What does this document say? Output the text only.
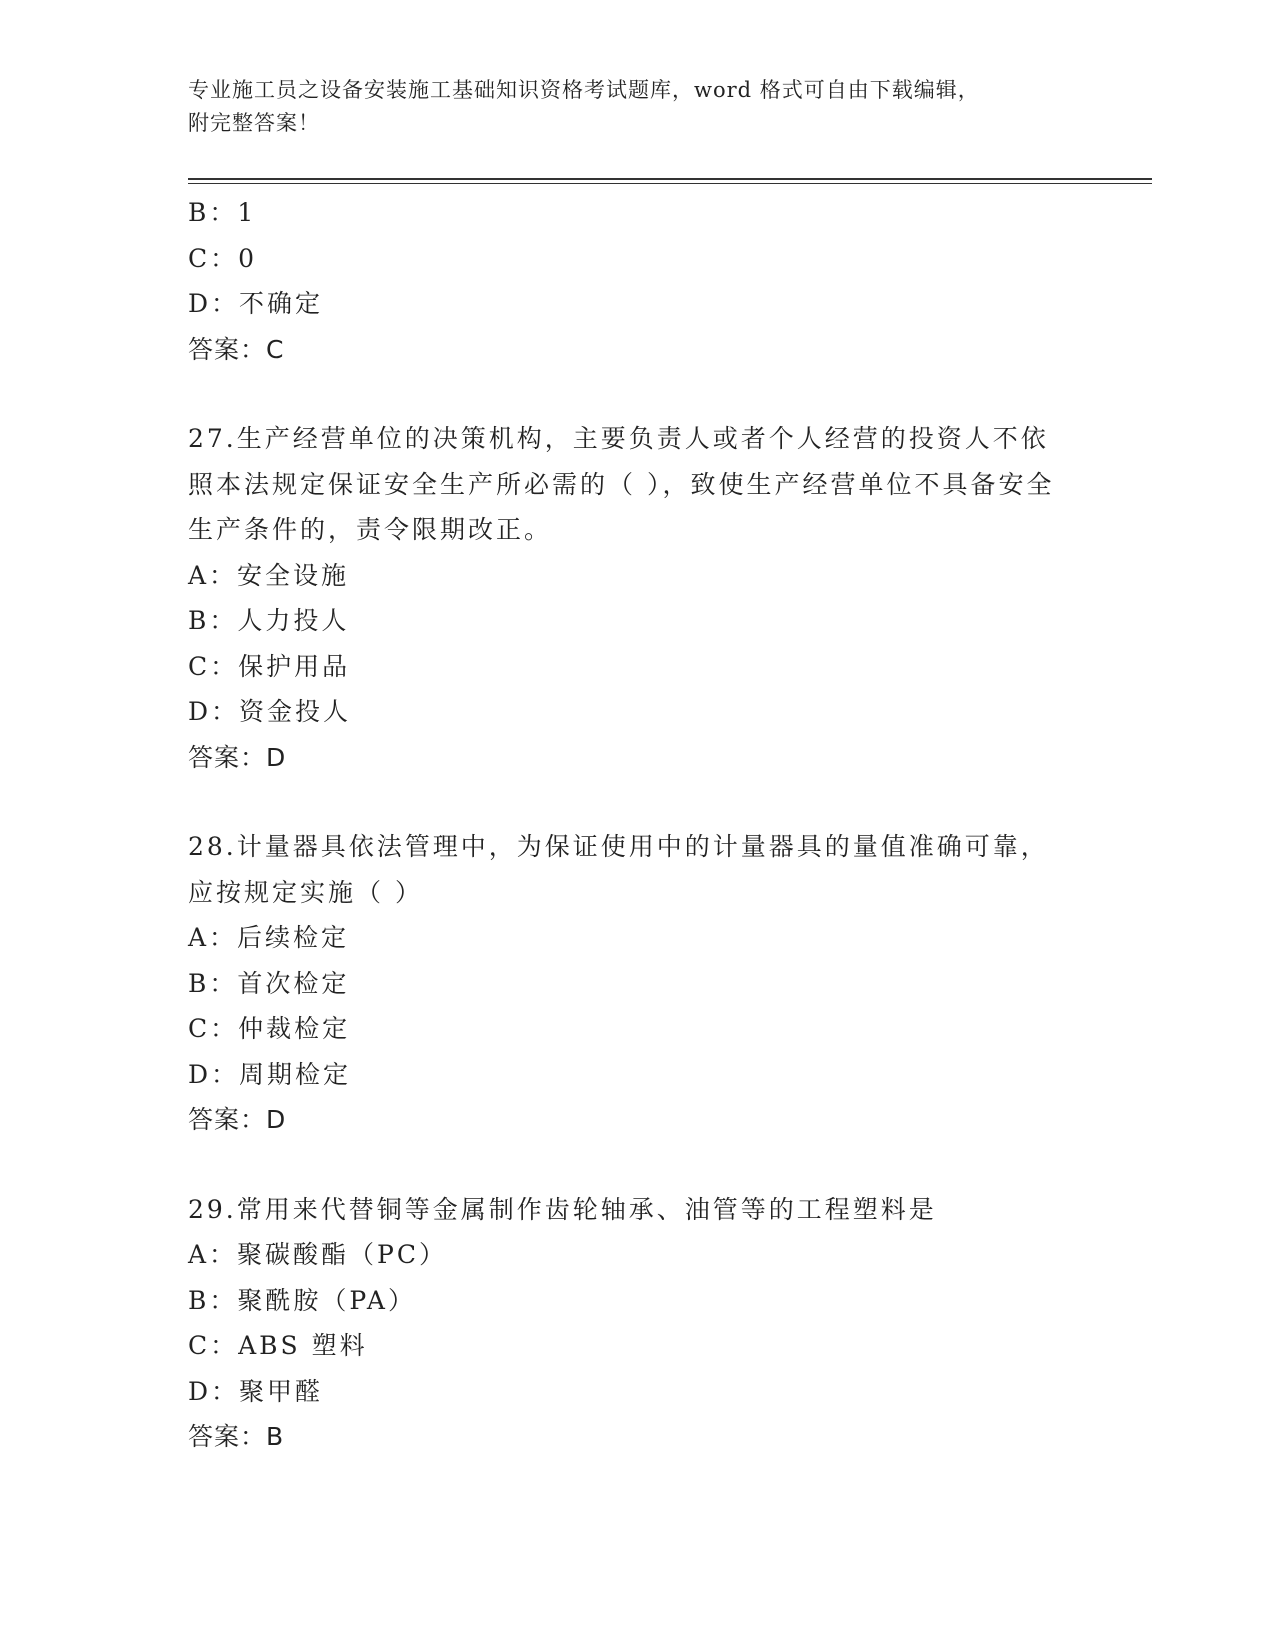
专业施工员之设备安装施工基础知识资格考试题库，word 格式可自由下载编辑，
附完整答案！
B：1
C：0
D：不确定
答案：C
27.生产经营单位的决策机构，主要负责人或者个人经营的投资人不依照本法规定保证安全生产所必需的（ ），致使生产经营单位不具备安全生产条件的，责令限期改正。
A：安全设施
B：人力投人
C：保护用品
D：资金投人
答案：D
28.计量器具依法管理中，为保证使用中的计量器具的量值准确可靠，应按规定实施（ ）
A：后续检定
B：首次检定
C：仲裁检定
D：周期检定
答案：D
29.常用来代替铜等金属制作齿轮轴承、油管等的工程塑料是
A：聚碳酸酯（PC）
B：聚酰胺（PA）
C：ABS 塑料
D：聚甲醛
答案：B
